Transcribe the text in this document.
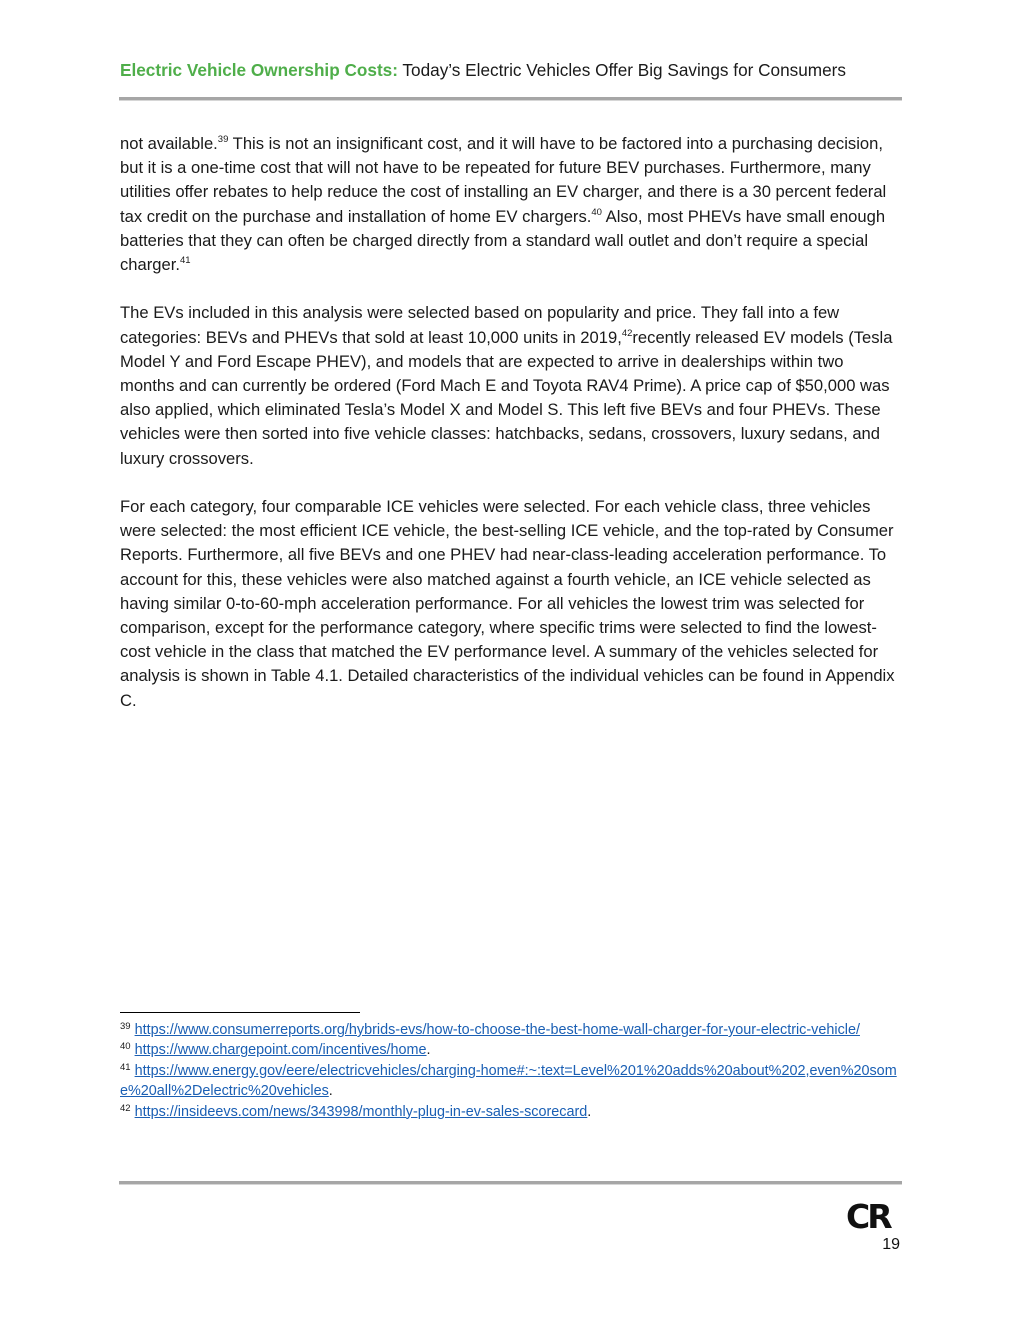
Electric Vehicle Ownership Costs: Today’s Electric Vehicles Offer Big Savings for Consumers

not available.$^{39}$ This is not an insignificant cost, and it will have to be factored into a purchasing decision, but it is a one-time cost that will not have to be repeated for future BEV purchases. Furthermore, many utilities offer rebates to help reduce the cost of installing an EV charger, and there is a 30 percent federal tax credit on the purchase and installation of home EV chargers.$^{40}$ Also, most PHEVs have small enough batteries that they can often be charged directly from a standard wall outlet and don’t require a special charger.$^{41}$

The EVs included in this analysis were selected based on popularity and price. They fall into a few categories: BEVs and PHEVs that sold at least 10,000 units in 2019,42recently released EV models (Tesla Model Y and Ford Escape PHEV), and models that are expected to arrive in dealerships within two months and can currently be ordered (Ford Mach E and Toyota RAV4 Prime). A price cap of $50,000 was also applied, which eliminated Tesla’s Model X and Model S. This left five BEVs and four PHEVs. These vehicles were then sorted into five vehicle classes: hatchbacks, sedans, crossovers, luxury sedans, and luxury crossovers.

For each category, four comparable ICE vehicles were selected. For each vehicle class, three vehicles were selected: the most efficient ICE vehicle, the best-selling ICE vehicle, and the top-rated by Consumer Reports. Furthermore, all five BEVs and one PHEV had near-class-leading acceleration performance. To account for this, these vehicles were also matched against a fourth vehicle, an ICE vehicle selected as having similar 0-to-60-mph acceleration performance. For all vehicles the lowest trim was selected for comparison, except for the performance category, where specific trims were selected to find the lowest-cost vehicle in the class that matched the EV performance level. A summary of the vehicles selected for analysis is shown in Table 4.1. Detailed characteristics of the individual vehicles can be found in Appendix C.

$^{39}$ https://www.consumerreports.org/hybrids-evs/how-to-choose-the-best-home-wall-charger-for-your-electric-vehicle/

$^{40}$ https://www.chargepoint.com/incentives/home.

$^{41}$ https://www.energy.gov/eere/electricvehicles/charging-home#:~:text=Level%201%20adds%20about%202,even%20some%20all%2Delectric%20vehicles.

$^{42}$ https://insideevs.com/news/343998/monthly-plug-in-ev-sales-scorecard.

CR
19
